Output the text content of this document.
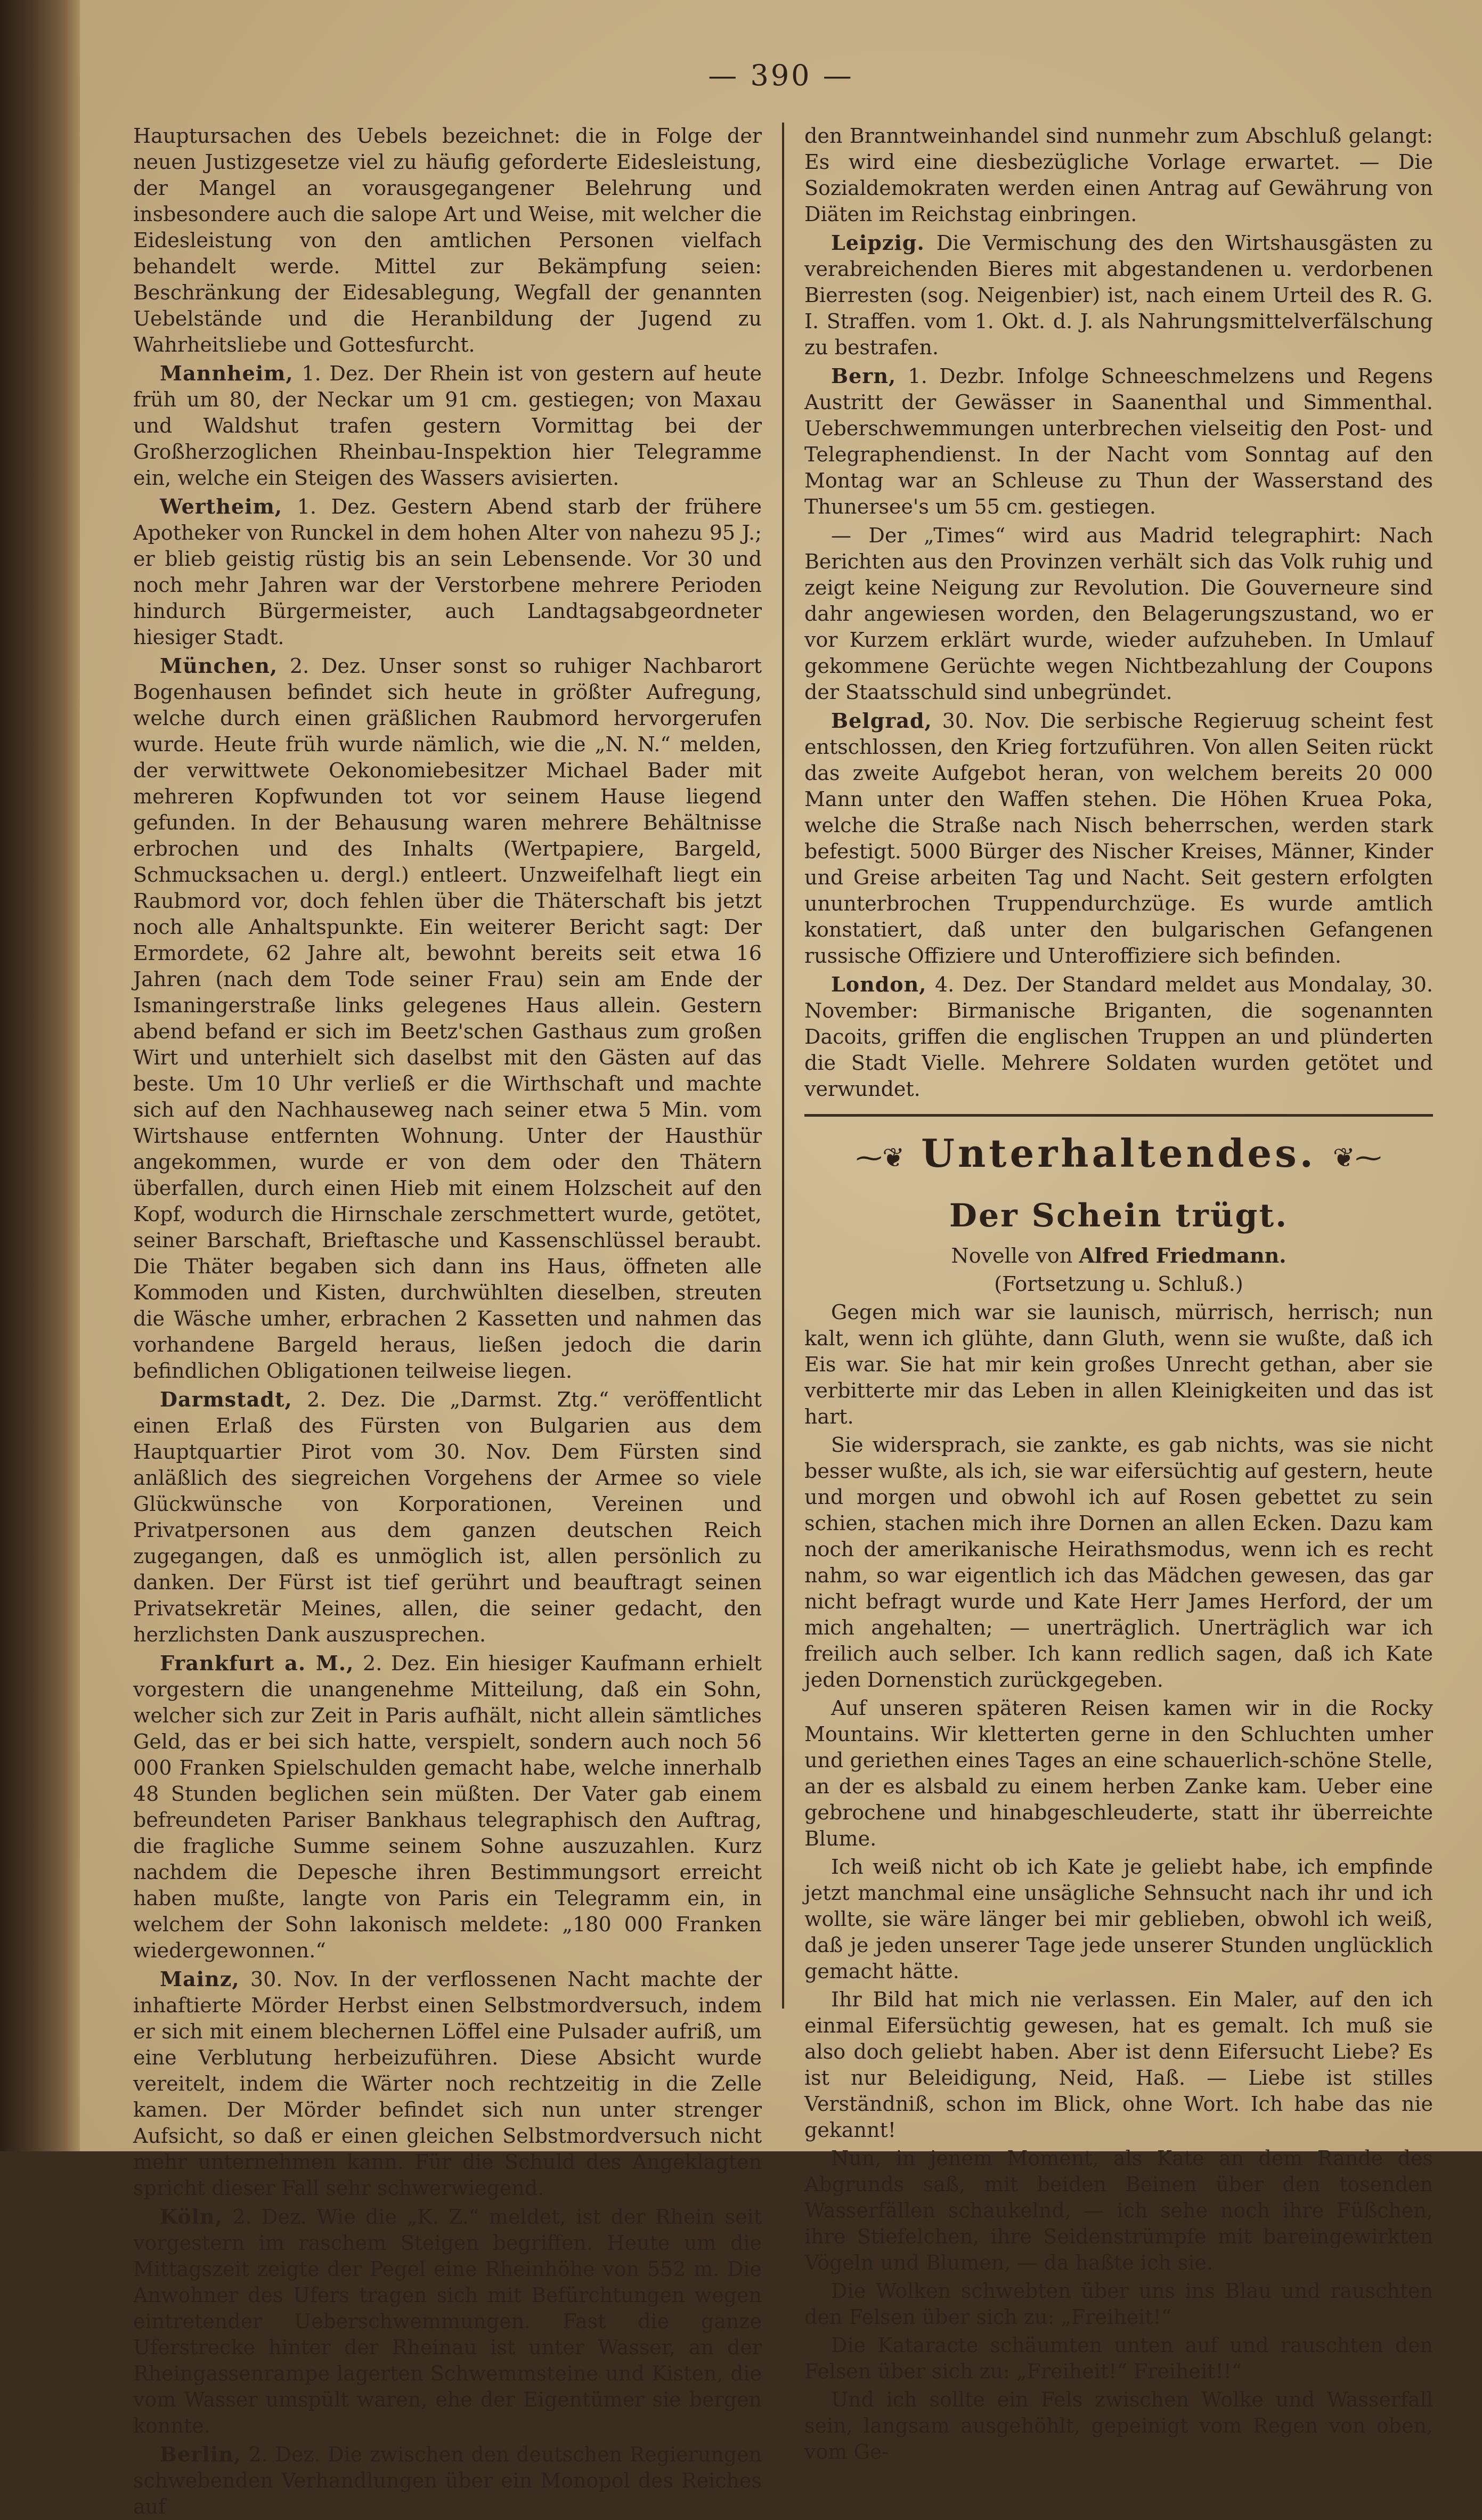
— 390 —

Hauptursachen des Uebels bezeichnet: die in Folge der neuen Justizgesetze viel zu häufig geforderte Eidesleistung, der Mangel an vorausgegangener Belehrung und insbesondere auch die salope Art und Weise, mit welcher die Eidesleistung von den amtlichen Personen vielfach behandelt werde. Mittel zur Bekämpfung seien: Beschränkung der Eidesablegung, Wegfall der genannten Uebelstände und die Heranbildung der Jugend zu Wahrheitsliebe und Gottesfurcht.

Mannheim, 1. Dez. Der Rhein ist von gestern auf heute früh um 80, der Neckar um 91 cm. gestiegen; von Maxau und Waldshut trafen gestern Vormittag bei der Großherzoglichen Rheinbau-Inspektion hier Telegramme ein, welche ein Steigen des Wassers avisierten.

Wertheim, 1. Dez. Gestern Abend starb der frühere Apotheker von Runckel in dem hohen Alter von nahezu 95 J.; er blieb geistig rüstig bis an sein Lebensende. Vor 30 und noch mehr Jahren war der Verstorbene mehrere Perioden hindurch Bürgermeister, auch Landtagsabgeordneter hiesiger Stadt.

München, 2. Dez. Unser sonst so ruhiger Nachbarort Bogenhausen befindet sich heute in größter Aufregung, welche durch einen gräßlichen Raubmord hervorgerufen wurde. Heute früh wurde nämlich, wie die „N. N.“ melden, der verwittwete Oekonomiebesitzer Michael Bader mit mehreren Kopfwunden tot vor seinem Hause liegend gefunden. In der Behausung waren mehrere Behältnisse erbrochen und des Inhalts (Wertpapiere, Bargeld, Schmucksachen u. dergl.) entleert. Unzweifelhaft liegt ein Raubmord vor, doch fehlen über die Thäterschaft bis jetzt noch alle Anhaltspunkte. Ein weiterer Bericht sagt: Der Ermordete, 62 Jahre alt, bewohnt bereits seit etwa 16 Jahren (nach dem Tode seiner Frau) sein am Ende der Ismaningerstraße links gelegenes Haus allein. Gestern abend befand er sich im Beetz'schen Gasthaus zum großen Wirt und unterhielt sich daselbst mit den Gästen auf das beste. Um 10 Uhr verließ er die Wirthschaft und machte sich auf den Nachhauseweg nach seiner etwa 5 Min. vom Wirtshause entfernten Wohnung. Unter der Hausthür angekommen, wurde er von dem oder den Thätern überfallen, durch einen Hieb mit einem Holzscheit auf den Kopf, wodurch die Hirnschale zerschmettert wurde, getötet, seiner Barschaft, Brieftasche und Kassenschlüssel beraubt. Die Thäter begaben sich dann ins Haus, öffneten alle Kommoden und Kisten, durchwühlten dieselben, streuten die Wäsche umher, erbrachen 2 Kassetten und nahmen das vorhandene Bargeld heraus, ließen jedoch die darin befindlichen Obligationen teilweise liegen.

Darmstadt, 2. Dez. Die „Darmst. Ztg.“ veröffentlicht einen Erlaß des Fürsten von Bulgarien aus dem Hauptquartier Pirot vom 30. Nov. Dem Fürsten sind anläßlich des siegreichen Vorgehens der Armee so viele Glückwünsche von Korporationen, Vereinen und Privatpersonen aus dem ganzen deutschen Reich zugegangen, daß es unmöglich ist, allen persönlich zu danken. Der Fürst ist tief gerührt und beauftragt seinen Privatsekretär Meines, allen, die seiner gedacht, den herzlichsten Dank auszusprechen.

Frankfurt a. M., 2. Dez. Ein hiesiger Kaufmann erhielt vorgestern die unangenehme Mitteilung, daß ein Sohn, welcher sich zur Zeit in Paris aufhält, nicht allein sämtliches Geld, das er bei sich hatte, verspielt, sondern auch noch 56 000 Franken Spielschulden gemacht habe, welche innerhalb 48 Stunden beglichen sein müßten. Der Vater gab einem befreundeten Pariser Bankhaus telegraphisch den Auftrag, die fragliche Summe seinem Sohne auszuzahlen. Kurz nachdem die Depesche ihren Bestimmungsort erreicht haben mußte, langte von Paris ein Telegramm ein, in welchem der Sohn lakonisch meldete: „180 000 Franken wiedergewonnen.“

Mainz, 30. Nov. In der verflossenen Nacht machte der inhaftierte Mörder Herbst einen Selbstmordversuch, indem er sich mit einem blechernen Löffel eine Pulsader aufriß, um eine Verblutung herbeizuführen. Diese Absicht wurde vereitelt, indem die Wärter noch rechtzeitig in die Zelle kamen. Der Mörder befindet sich nun unter strenger Aufsicht, so daß er einen gleichen Selbstmordversuch nicht mehr unternehmen kann. Für die Schuld des Angeklagten spricht dieser Fall sehr schwerwiegend.

Köln, 2. Dez. Wie die „K. Z.“ meldet, ist der Rhein seit vorgestern im raschem Steigen begriffen. Heute um die Mittagszeit zeigte der Pegel eine Rheinhöhe von 552 m. Die Anwohner des Ufers tragen sich mit Befürchtungen wegen eintretender Ueberschwemmungen. Fast die ganze Uferstrecke hinter der Rheinau ist unter Wasser, an der Rheingassenrampe lagerten Schwemmsteine und Kisten, die vom Wasser umspült waren, ehe der Eigentümer sie bergen konnte.

Berlin, 2. Dez. Die zwischen den deutschen Regierungen schwebenden Verhandlungen über ein Monopol des Reiches auf

den Branntweinhandel sind nunmehr zum Abschluß gelangt: Es wird eine diesbezügliche Vorlage erwartet. — Die Sozialdemokraten werden einen Antrag auf Gewährung von Diäten im Reichstag einbringen.

Leipzig. Die Vermischung des den Wirtshausgästen zu verabreichenden Bieres mit abgestandenen u. verdorbenen Bierresten (sog. Neigenbier) ist, nach einem Urteil des R. G. I. Straffen. vom 1. Okt. d. J. als Nahrungsmittelverfälschung zu bestrafen.

Bern, 1. Dezbr. Infolge Schneeschmelzens und Regens Austritt der Gewässer in Saanenthal und Simmenthal. Ueberschwemmungen unterbrechen vielseitig den Post- und Telegraphendienst. In der Nacht vom Sonntag auf den Montag war an Schleuse zu Thun der Wasserstand des Thunersee's um 55 cm. gestiegen.

— Der „Times“ wird aus Madrid telegraphirt: Nach Berichten aus den Provinzen verhält sich das Volk ruhig und zeigt keine Neigung zur Revolution. Die Gouverneure sind dahr angewiesen worden, den Belagerungszustand, wo er vor Kurzem erklärt wurde, wieder aufzuheben. In Umlauf gekommene Gerüchte wegen Nichtbezahlung der Coupons der Staatsschuld sind unbegründet.

Belgrad, 30. Nov. Die serbische Regieruug scheint fest entschlossen, den Krieg fortzuführen. Von allen Seiten rückt das zweite Aufgebot heran, von welchem bereits 20 000 Mann unter den Waffen stehen. Die Höhen Kruea Poka, welche die Straße nach Nisch beherrschen, werden stark befestigt. 5000 Bürger des Nischer Kreises, Männer, Kinder und Greise arbeiten Tag und Nacht. Seit gestern erfolgten ununterbrochen Truppendurchzüge. Es wurde amtlich konstatiert, daß unter den bulgarischen Gefangenen russische Offiziere und Unteroffiziere sich befinden.

London, 4. Dez. Der Standard meldet aus Mondalay, 30. November: Birmanische Briganten, die sogenannten Dacoits, griffen die englischen Truppen an und plünderten die Stadt Vielle. Mehrere Soldaten wurden getötet und verwundet.

⁓❦ Unterhaltendes. ❦⁓
Der Schein trügt.

Novelle von Alfred Friedmann.

(Fortsetzung u. Schluß.)

Gegen mich war sie launisch, mürrisch, herrisch; nun kalt, wenn ich glühte, dann Gluth, wenn sie wußte, daß ich Eis war. Sie hat mir kein großes Unrecht gethan, aber sie verbitterte mir das Leben in allen Kleinigkeiten und das ist hart.

Sie widersprach, sie zankte, es gab nichts, was sie nicht besser wußte, als ich, sie war eifersüchtig auf gestern, heute und morgen und obwohl ich auf Rosen gebettet zu sein schien, stachen mich ihre Dornen an allen Ecken. Dazu kam noch der amerikanische Heirathsmodus, wenn ich es recht nahm, so war eigentlich ich das Mädchen gewesen, das gar nicht befragt wurde und Kate Herr James Herford, der um mich angehalten; — unerträglich. Unerträglich war ich freilich auch selber. Ich kann redlich sagen, daß ich Kate jeden Dornenstich zurückgegeben.

Auf unseren späteren Reisen kamen wir in die Rocky Mountains. Wir kletterten gerne in den Schluchten umher und geriethen eines Tages an eine schauerlich-schöne Stelle, an der es alsbald zu einem herben Zanke kam. Ueber eine gebrochene und hinabgeschleuderte, statt ihr überreichte Blume.

Ich weiß nicht ob ich Kate je geliebt habe, ich empfinde jetzt manchmal eine unsägliche Sehnsucht nach ihr und ich wollte, sie wäre länger bei mir geblieben, obwohl ich weiß, daß je jeden unserer Tage jede unserer Stunden unglücklich gemacht hätte.

Ihr Bild hat mich nie verlassen. Ein Maler, auf den ich einmal Eifersüchtig gewesen, hat es gemalt. Ich muß sie also doch geliebt haben. Aber ist denn Eifersucht Liebe? Es ist nur Beleidigung, Neid, Haß. — Liebe ist stilles Verständniß, schon im Blick, ohne Wort. Ich habe das nie gekannt!

Nun, in jenem Moment, als Kate an dem Rande des Abgrunds saß, mit beiden Beinen über den tosenden Wasserfällen schaukelnd, — ich sehe noch ihre Füßchen, ihre Stiefelchen, ihre Seidenstrümpfe mit bareingewirkten Vögeln und Blumen, — da haßte ich sie.

Die Wolken schwebten über uns ins Blau und rauschten den Felsen über sich zu: „Freiheit!“

Die Kataracte schäumten unten auf und rauschten den Felsen über sich zu: „Freiheit!“ Freiheit!!“

Und ich sollte ein Fels zwischen Wolke und Wasserfall sein, langsam ausgehöhlt, gepeinigt vom Regen von oben, vom Ge-
